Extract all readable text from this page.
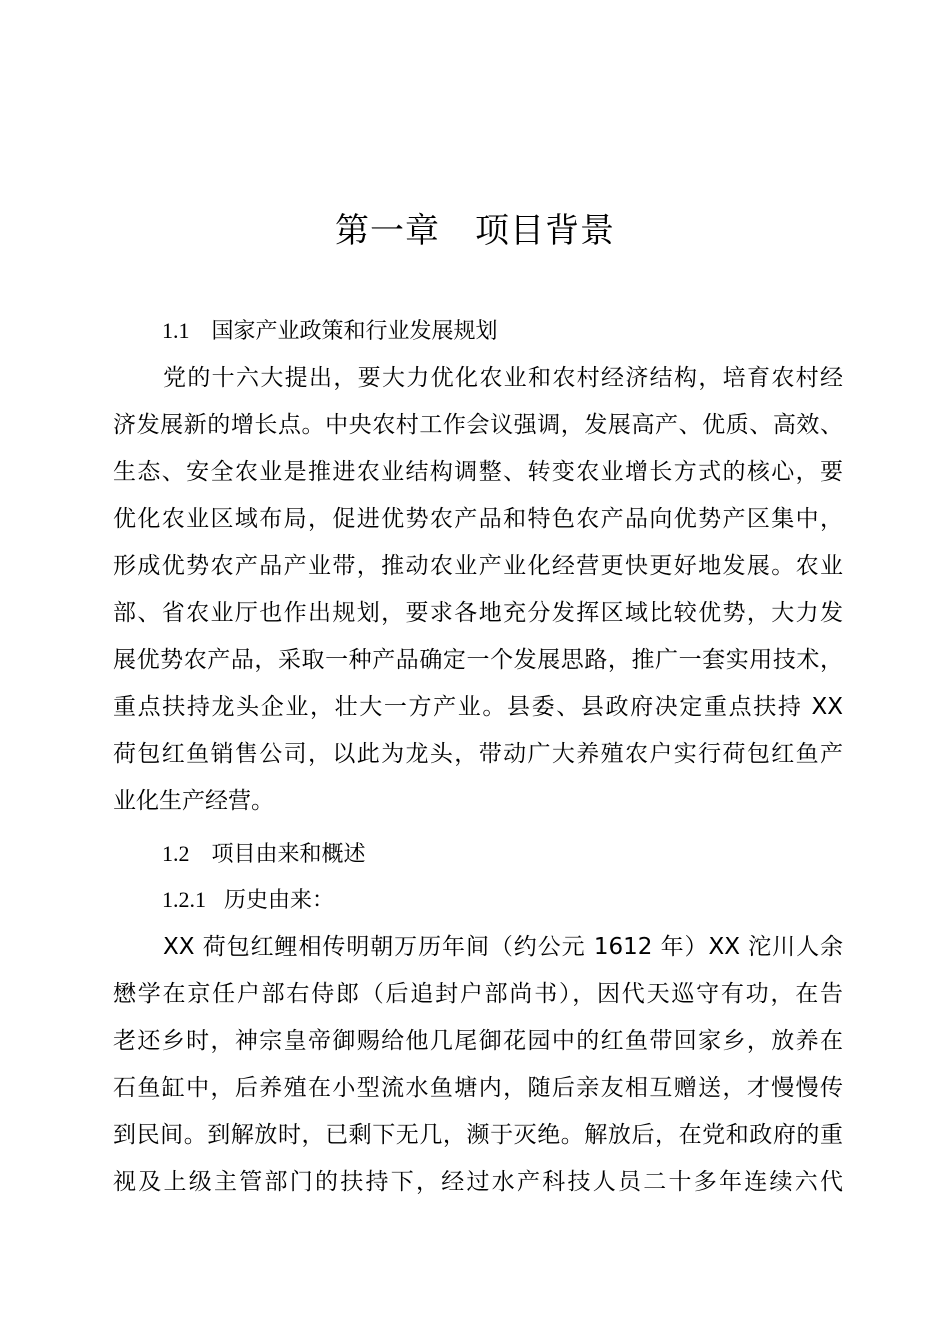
第一章　项目背景
1.1 国家产业政策和行业发展规划
党的十六大提出，要大力优化农业和农村经济结构，培育农村经
济发展新的增长点。中央农村工作会议强调，发展高产、优质、高效、
生态、安全农业是推进农业结构调整、转变农业增长方式的核心，要
优化农业区域布局，促进优势农产品和特色农产品向优势产区集中，
形成优势农产品产业带，推动农业产业化经营更快更好地发展。农业
部、省农业厅也作出规划，要求各地充分发挥区域比较优势，大力发
展优势农产品，采取一种产品确定一个发展思路，推广一套实用技术，
重点扶持龙头企业，壮大一方产业。县委、县政府决定重点扶持 XX
荷包红鱼销售公司，以此为龙头，带动广大养殖农户实行荷包红鱼产
业化生产经营。
1.2 项目由来和概述
1.2.1 历史由来：
XX 荷包红鲤相传明朝万历年间（约公元 1612 年）XX 沱川人余
懋学在京任户部右侍郎（后追封户部尚书），因代天巡守有功，在告
老还乡时，神宗皇帝御赐给他几尾御花园中的红鱼带回家乡，放养在
石鱼缸中，后养殖在小型流水鱼塘内，随后亲友相互赠送，才慢慢传
到民间。到解放时，已剩下无几，濒于灭绝。解放后，在党和政府的重
视及上级主管部门的扶持下，经过水产科技人员二十多年连续六代
